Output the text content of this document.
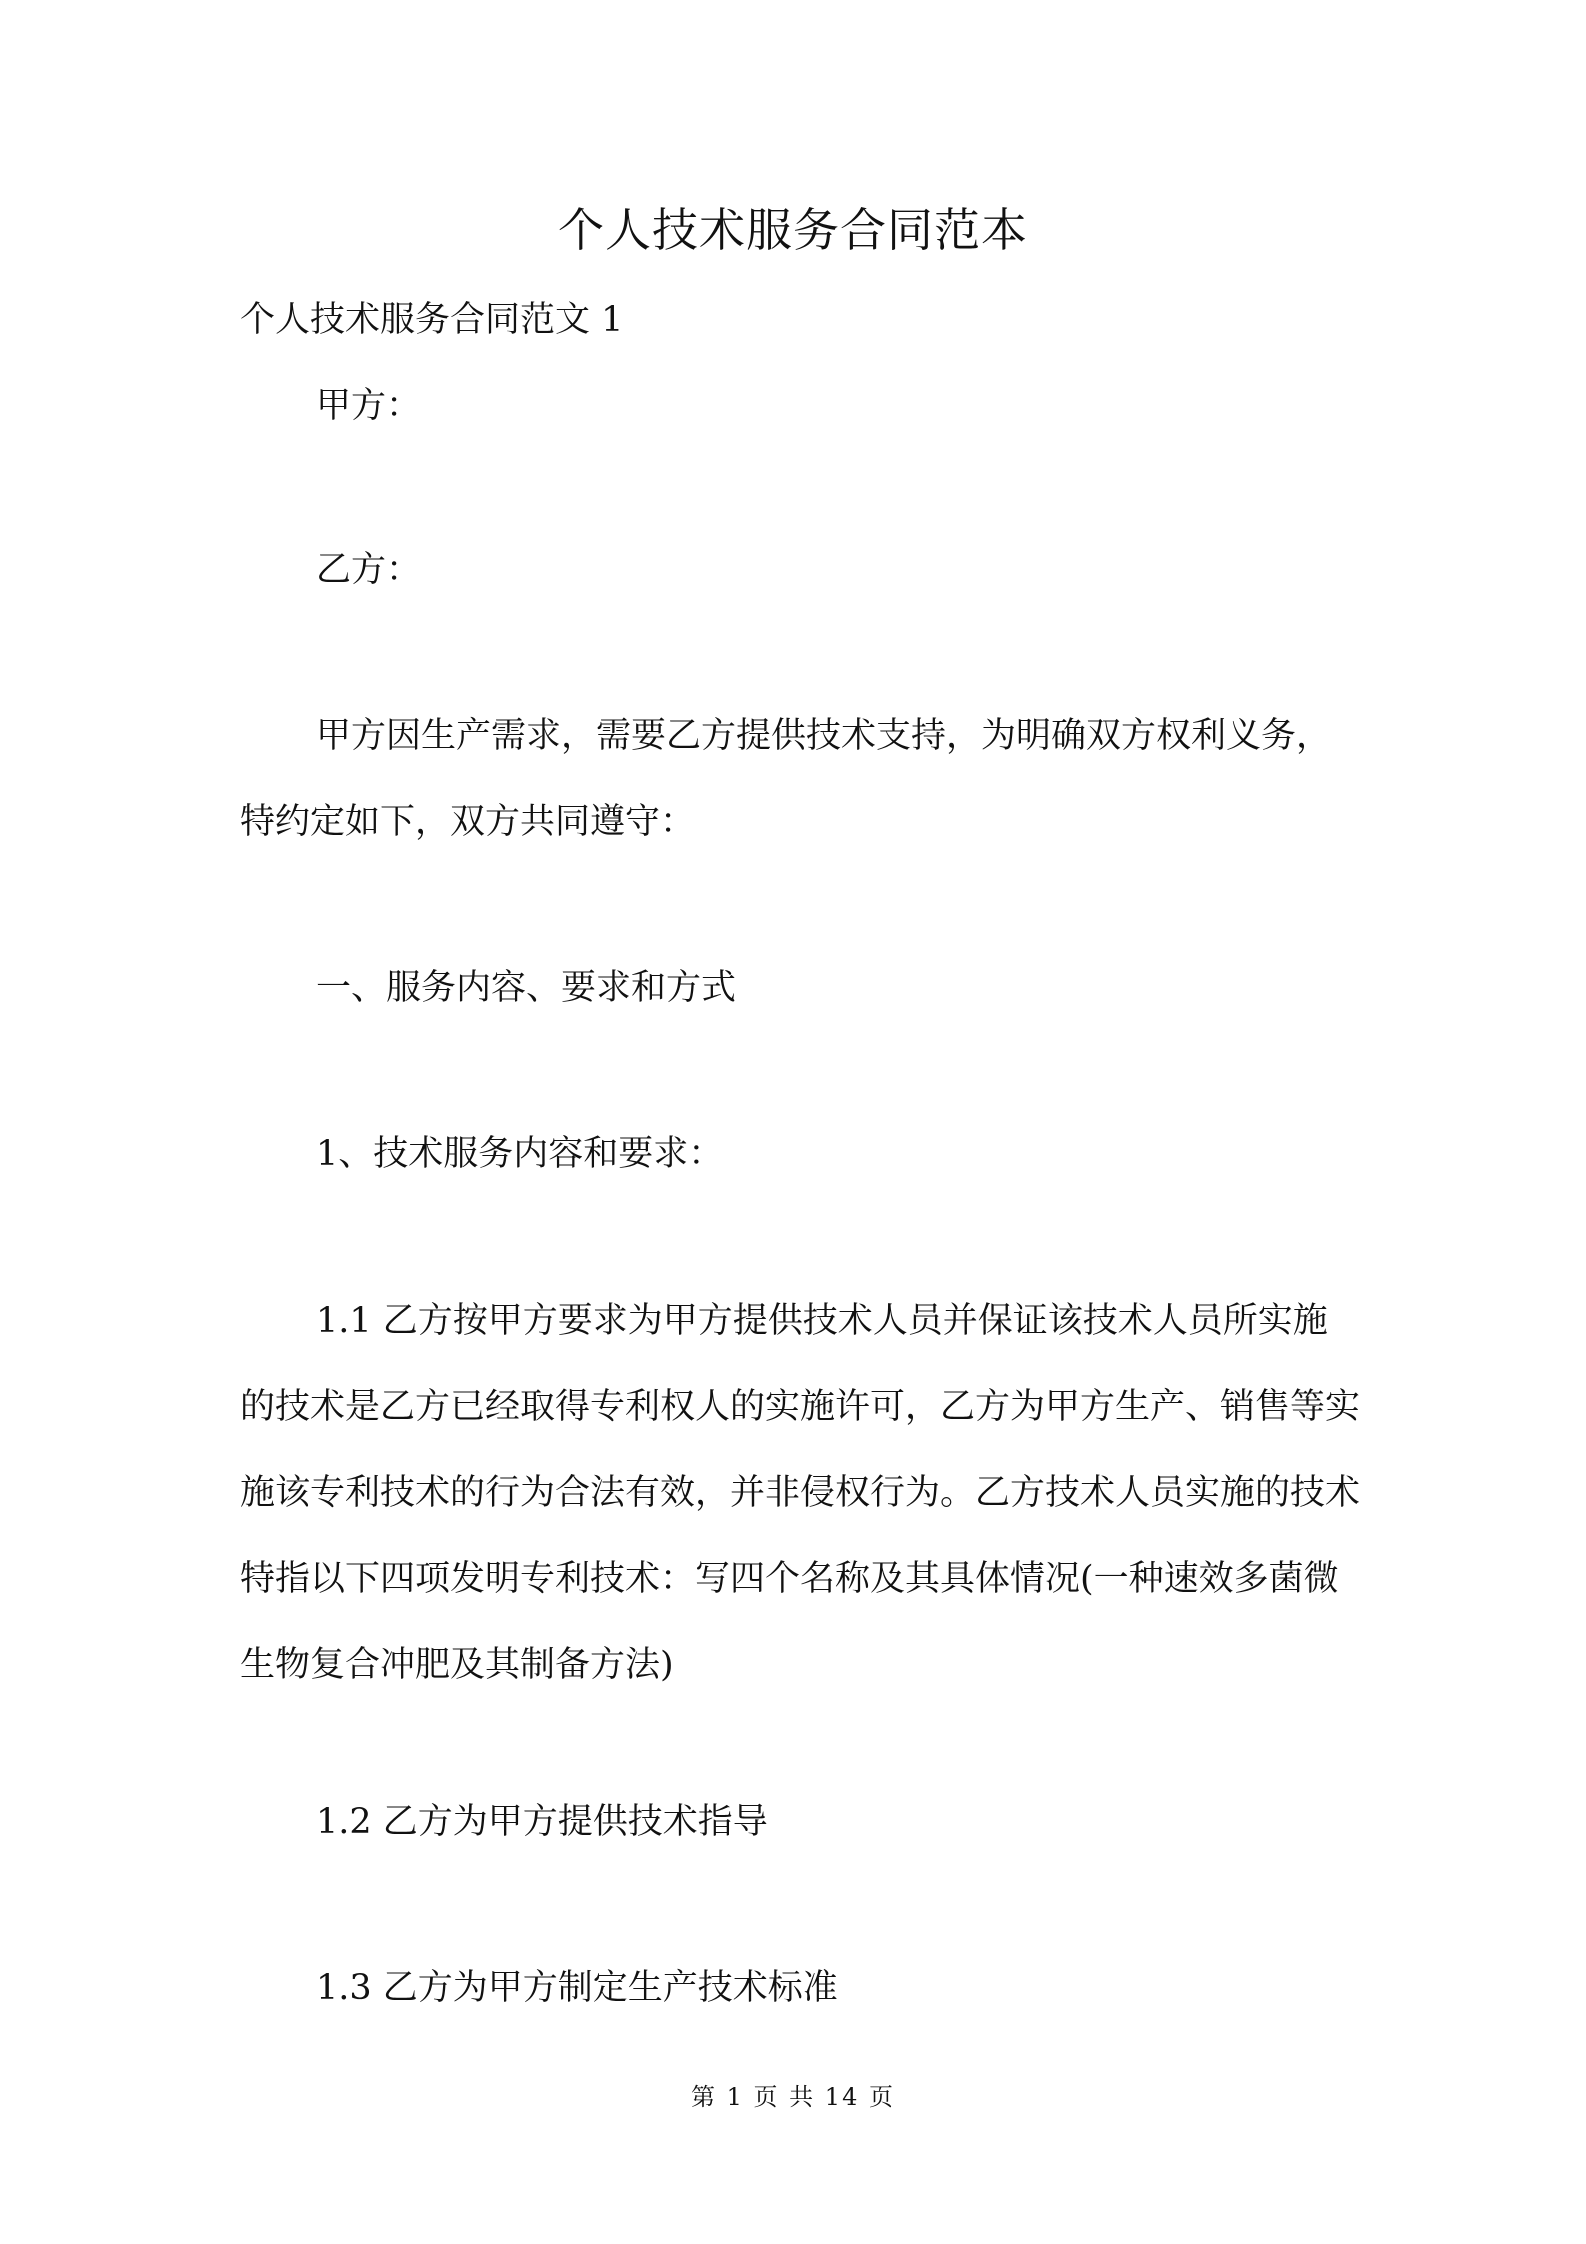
个人技术服务合同范本
个人技术服务合同范文 1
甲方：
乙方：
甲方因生产需求，需要乙方提供技术支持，为明确双方权利义务，
特约定如下，双方共同遵守：
一、服务内容、要求和方式
1、技术服务内容和要求：
1.1 乙方按甲方要求为甲方提供技术人员并保证该技术人员所实施的技术是乙方已经取得专利权人的实施许可，乙方为甲方生产、销售等实施该专利技术的行为合法有效，并非侵权行为。乙方技术人员实施的技术特指以下四项发明专利技术：写四个名称及其具体情况(一种速效多菌微生物复合冲肥及其制备方法)
1.2 乙方为甲方提供技术指导
1.3 乙方为甲方制定生产技术标准
第 1 页 共 14 页
